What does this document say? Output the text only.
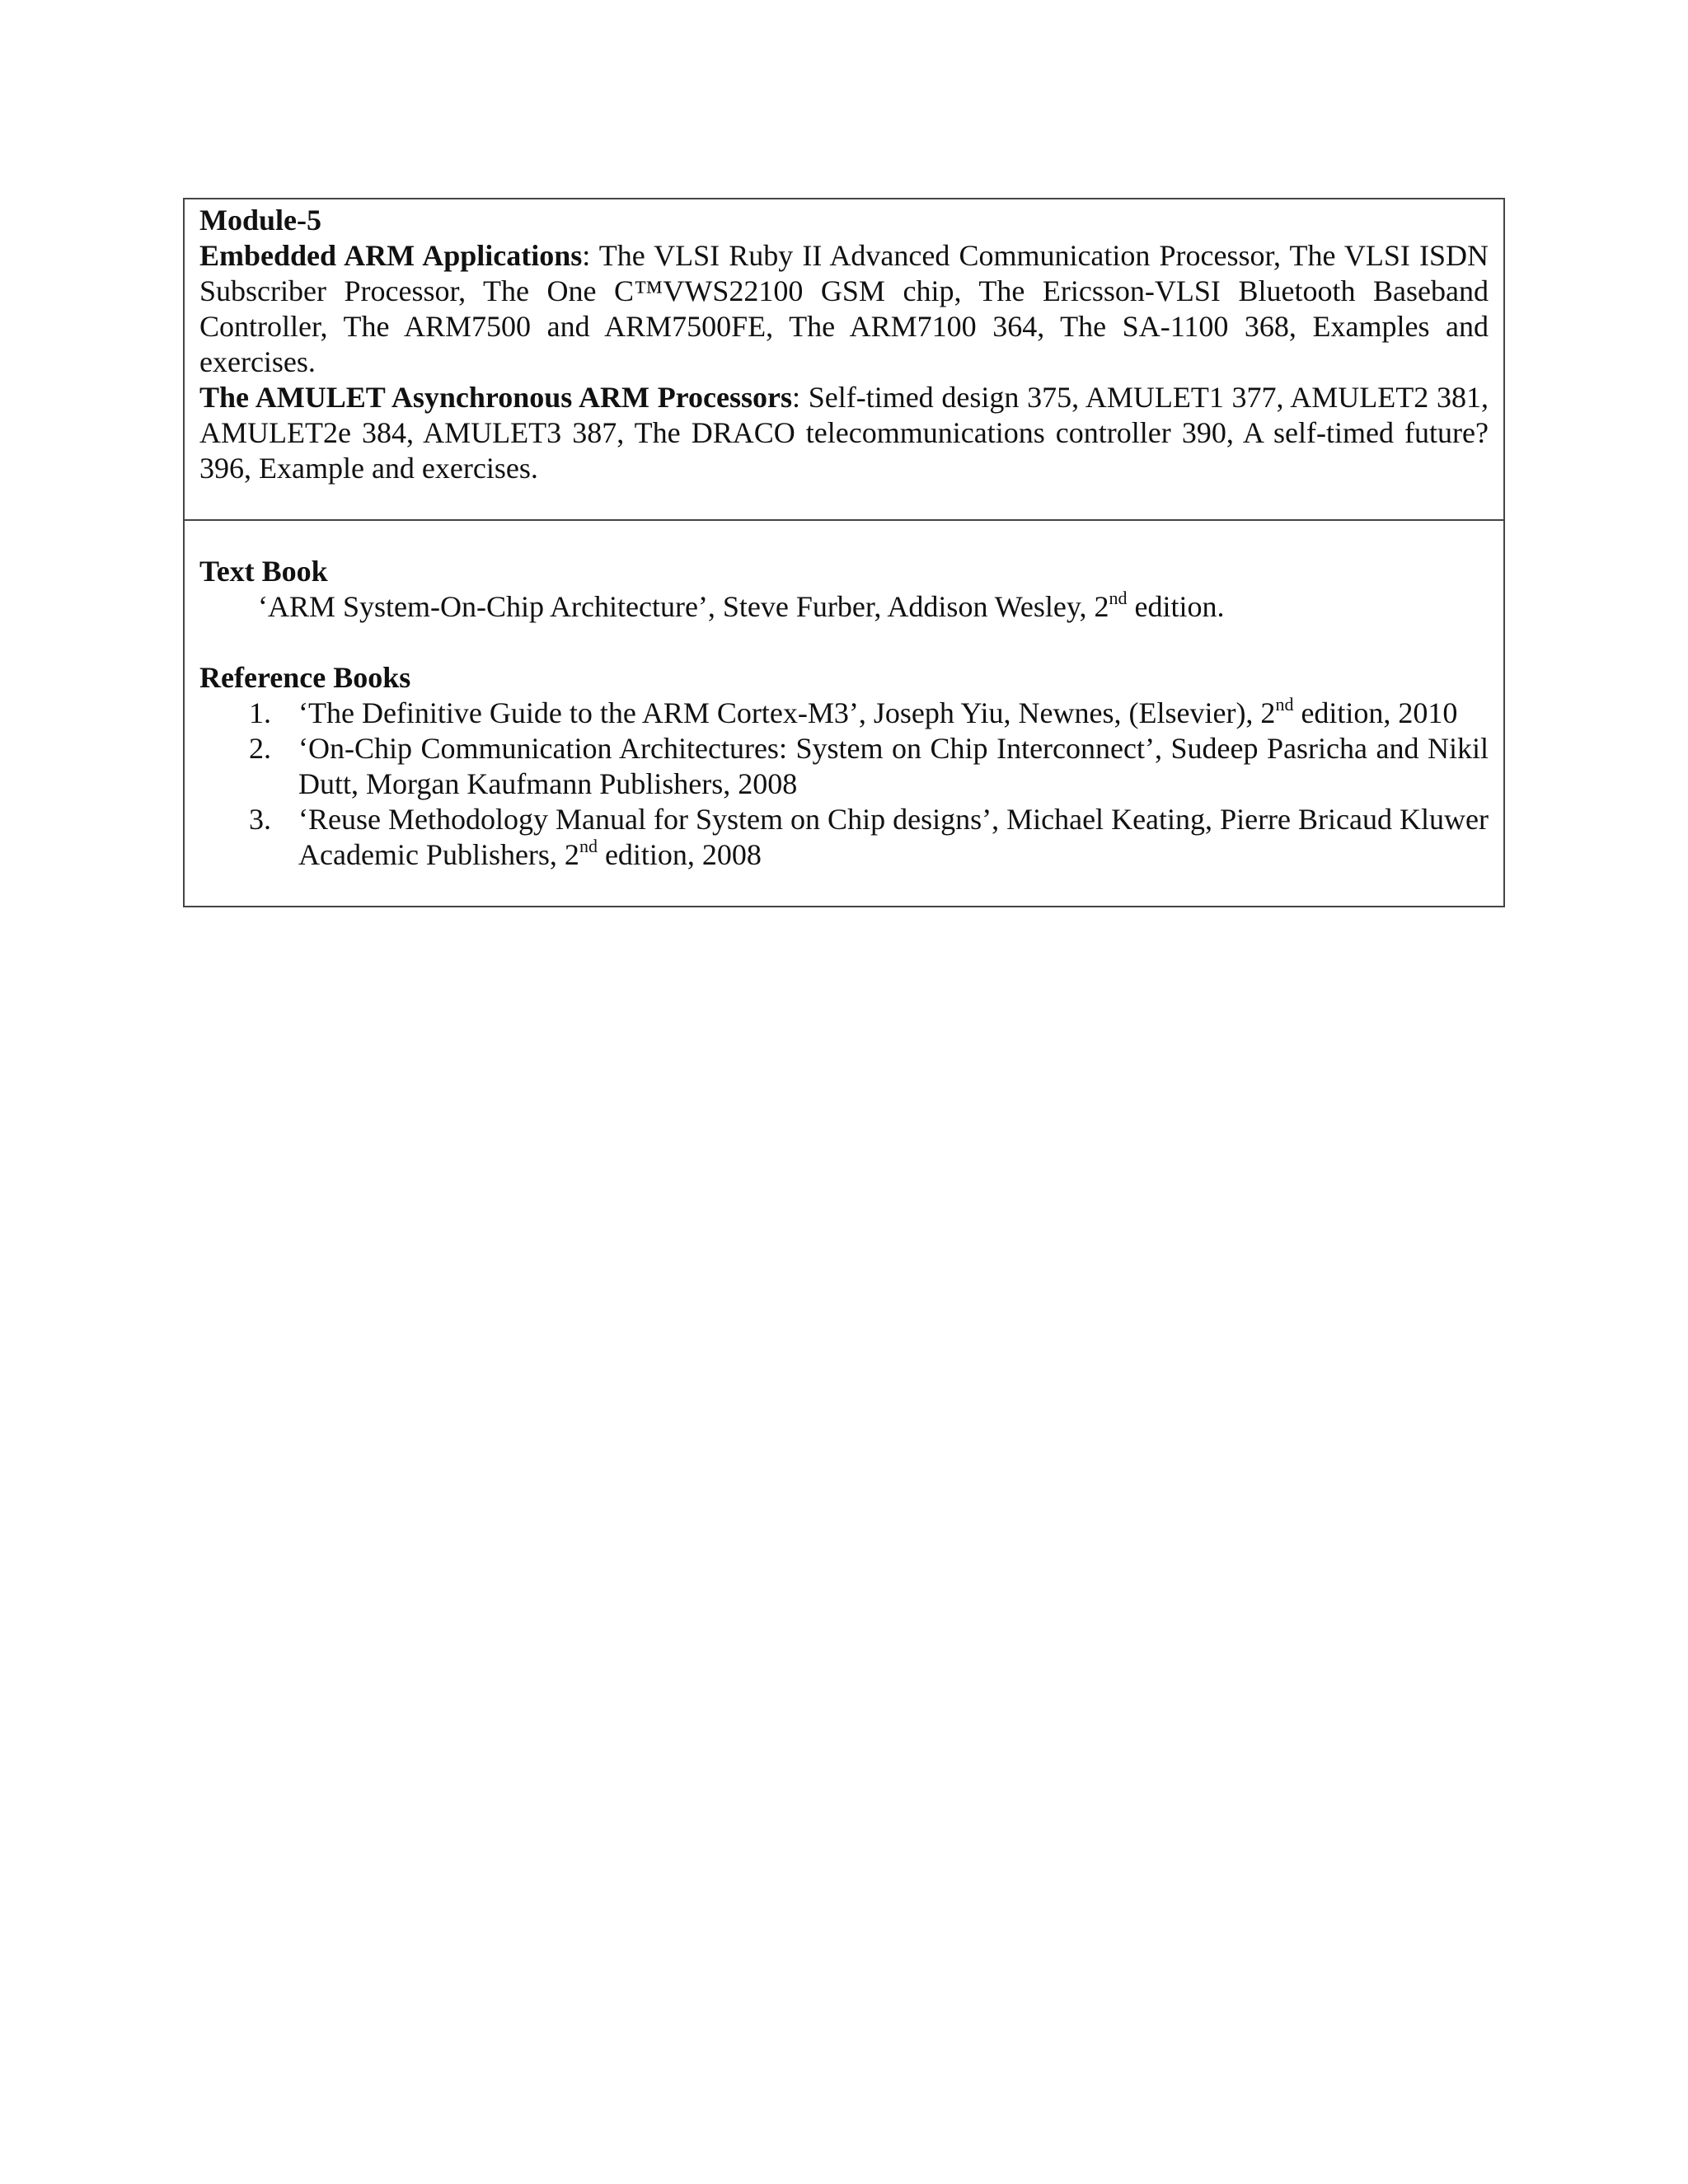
Module-5
Embedded ARM Applications: The VLSI Ruby II Advanced Communication Processor, The VLSI ISDN Subscriber Processor, The One C™VWS22100 GSM chip, The Ericsson-VLSI Bluetooth Baseband Controller, The ARM7500 and ARM7500FE, The ARM7100 364, The SA-1100 368, Examples and exercises.
The AMULET Asynchronous ARM Processors: Self-timed design 375, AMULET1 377, AMULET2 381, AMULET2e 384, AMULET3 387, The DRACO telecommunications controller 390, A self-timed future? 396, Example and exercises.
Text Book
‘ARM System-On-Chip Architecture’, Steve Furber, Addison Wesley, 2nd edition.
Reference Books
1. ‘The Definitive Guide to the ARM Cortex-M3’, Joseph Yiu, Newnes, (Elsevier), 2nd edition, 2010
2. ‘On-Chip Communication Architectures: System on Chip Interconnect’, Sudeep Pasricha and Nikil Dutt, Morgan Kaufmann Publishers, 2008
3. ‘Reuse Methodology Manual for System on Chip designs’, Michael Keating, Pierre Bricaud Kluwer Academic Publishers, 2nd edition, 2008
